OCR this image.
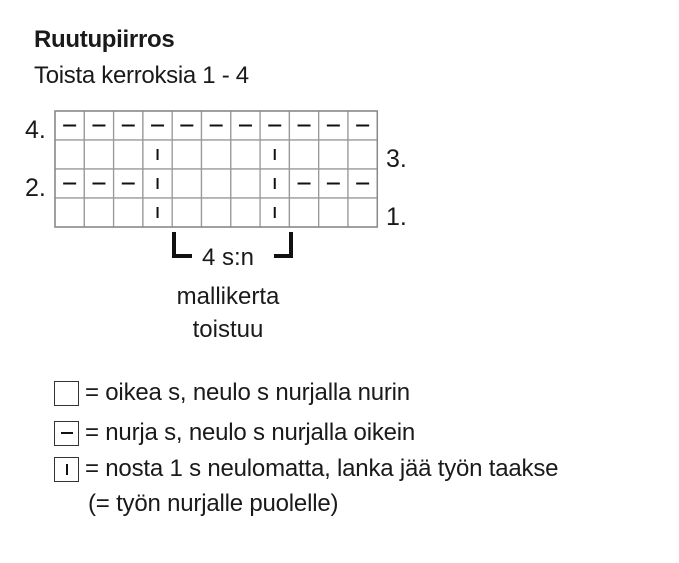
Ruutupiirros
Toista kerroksia 1 - 4
4.
3.
2.
1.
4 s:n
mallikerta
toistuu
= oikea s, neulo s nurjalla nurin
= nurja s, neulo s nurjalla oikein
= nosta 1 s neulomatta, lanka jää työn taakse
(= työn nurjalle puolelle)
